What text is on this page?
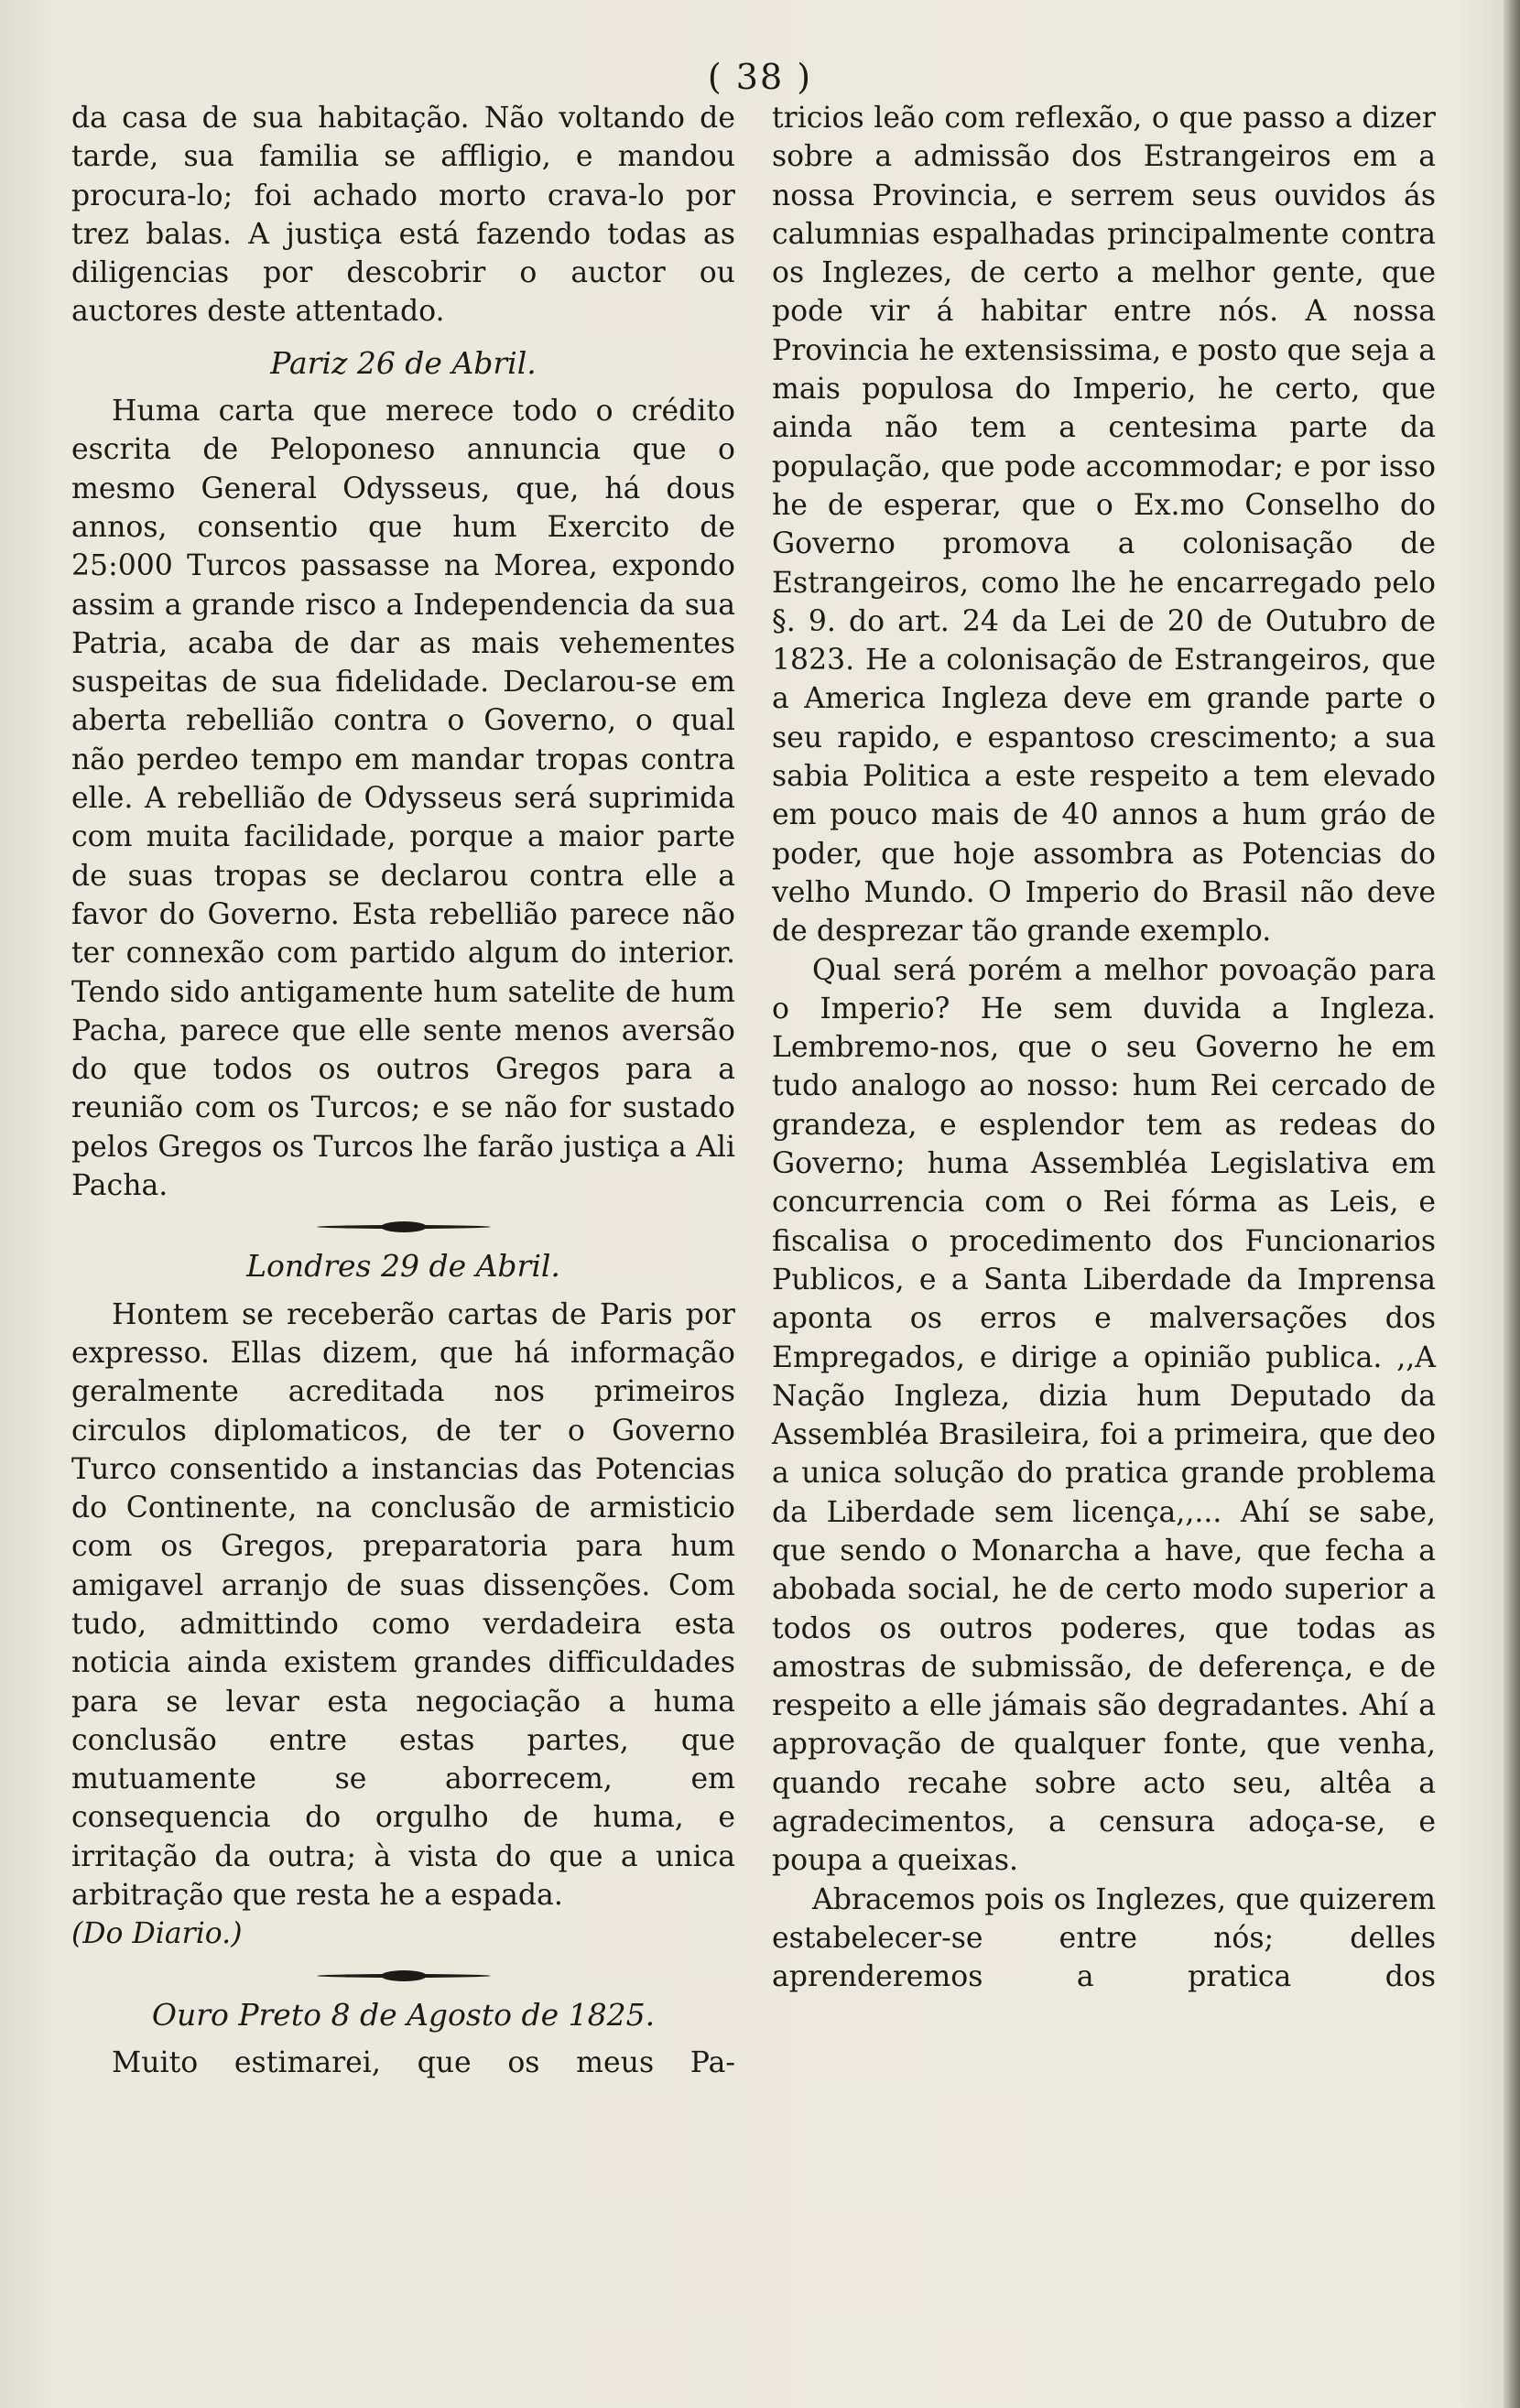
( 38 )

da casa de sua habitação. Não voltando de tarde, sua familia se affligio, e mandou procura-lo; foi achado morto crava-lo por trez balas. A justiça está fazendo todas as diligencias por descobrir o auctor ou auctores deste attentado.

Pariz 26 de Abril.

Huma carta que merece todo o crédito escrita de Peloponeso annuncia que o mesmo General Odysseus, que, há dous annos, consentio que hum Exercito de 25:000 Turcos passasse na Morea, expondo assim a grande risco a Independencia da sua Patria, acaba de dar as mais vehementes suspeitas de sua fidelidade. Declarou-se em aberta rebellião contra o Governo, o qual não perdeo tempo em mandar tropas contra elle. A rebellião de Odysseus será suprimida com muita facilidade, porque a maior parte de suas tropas se declarou contra elle a favor do Governo. Esta rebellião parece não ter connexão com partido algum do interior. Tendo sido antigamente hum satelite de hum Pacha, parece que elle sente menos aversão do que todos os outros Gregos para a reunião com os Turcos; e se não for sustado pelos Gregos os Turcos lhe farão justiça a Ali Pacha.

Londres 29 de Abril.

Hontem se receberão cartas de Paris por expresso. Ellas dizem, que há informação geralmente acreditada nos primeiros circulos diplomaticos, de ter o Governo Turco consentido a instancias das Potencias do Continente, na conclusão de armisticio com os Gregos, preparatoria para hum amigavel arranjo de suas dissenções. Com tudo, admittindo como verdadeira esta noticia ainda existem grandes difficuldades para se levar esta negociação a huma conclusão entre estas partes, que mutuamente se aborrecem, em consequencia do orgulho de huma, e irritação da outra; à vista do que a unica arbitração que resta he a espada.

(Do Diario.)

Ouro Preto 8 de Agosto de 1825.

Muito estimarei, que os meus Pa-

tricios leão com reflexão, o que passo a dizer sobre a admissão dos Estrangeiros em a nossa Provincia, e serrem seus ouvidos ás calumnias espalhadas principalmente contra os Inglezes, de certo a melhor gente, que pode vir á habitar entre nós. A nossa Provincia he extensissima, e posto que seja a mais populosa do Imperio, he certo, que ainda não tem a centesima parte da população, que pode accommodar; e por isso he de esperar, que o Ex.mo Conselho do Governo promova a colonisação de Estrangeiros, como lhe he encarregado pelo §. 9. do art. 24 da Lei de 20 de Outubro de 1823. He a colonisação de Estrangeiros, que a America Ingleza deve em grande parte o seu rapido, e espantoso crescimento; a sua sabia Politica a este respeito a tem elevado em pouco mais de 40 annos a hum gráo de poder, que hoje assombra as Potencias do velho Mundo. O Imperio do Brasil não deve de desprezar tão grande exemplo.

Qual será porém a melhor povoação para o Imperio? He sem duvida a Ingleza. Lembremo-nos, que o seu Governo he em tudo analogo ao nosso: hum Rei cercado de grandeza, e esplendor tem as redeas do Governo; huma Assembléa Legislativa em concurrencia com o Rei fórma as Leis, e fiscalisa o procedimento dos Funcionarios Publicos, e a Santa Liberdade da Imprensa aponta os erros e malversações dos Empregados, e dirige a opinião publica. ,,A Nação Ingleza, dizia hum Deputado da Assembléa Brasileira, foi a primeira, que deo a unica solução do pratica grande problema da Liberdade sem licença,,... Ahí se sabe, que sendo o Monarcha a have, que fecha a abobada social, he de certo modo superior a todos os outros poderes, que todas as amostras de submissão, de deferença, e de respeito a elle jámais são degradantes. Ahí a approvação de qualquer fonte, que venha, quando recahe sobre acto seu, altêa a agradecimentos, a censura adoça-se, e poupa a queixas.

Abracemos pois os Inglezes, que quizerem estabelecer-se entre nós; delles aprenderemos a pratica dos
